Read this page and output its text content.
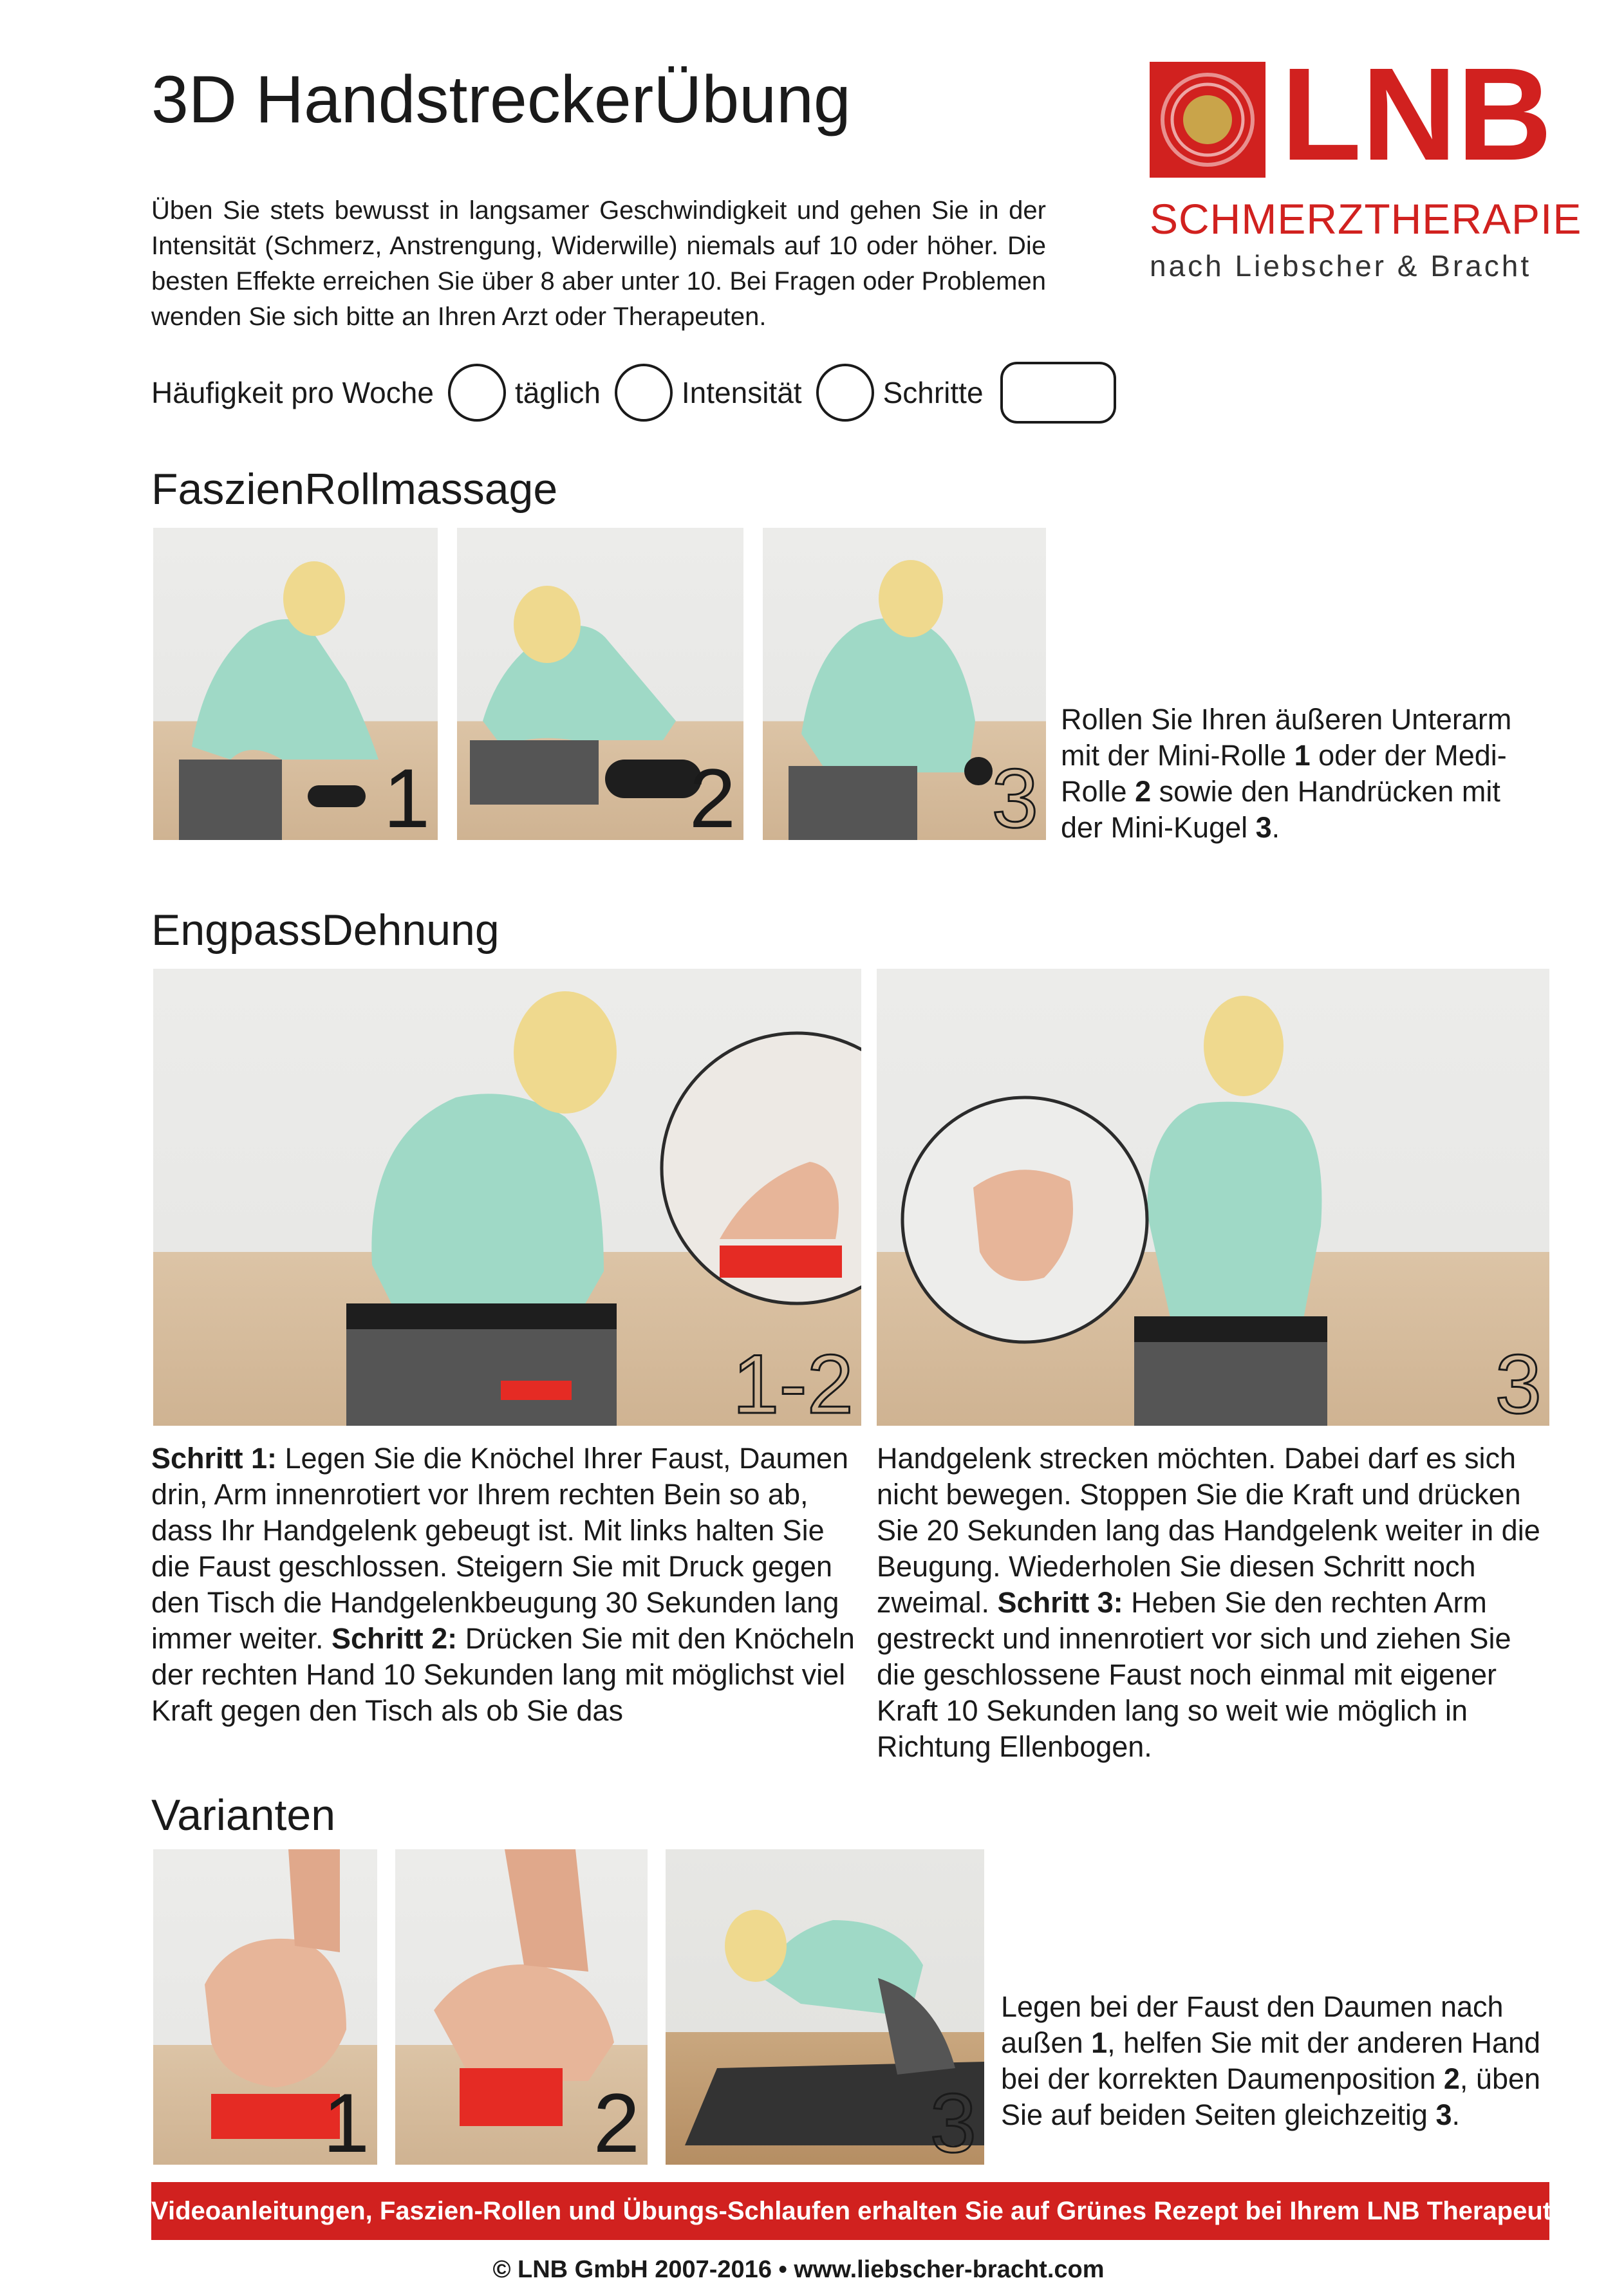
3D HandstreckerÜbung	LNB
SCHMERZTHERAPIE
nach Liebscher & Bracht
Üben Sie stets bewusst in langsamer Geschwindigkeit und gehen Sie in der Intensität (Schmerz, Anstrengung, Widerwille) niemals auf 10 oder höher. Die besten Effekte erreichen Sie über 8 aber unter 10. Bei Fragen oder Problemen wenden Sie sich bitte an Ihren Arzt oder Therapeuten.
Häufigkeit pro Woche	täglich	Intensität	Schritte
FaszienRollmassage
1	2	3
Rollen Sie Ihren äußeren Unterarm mit der Mini-Rolle 1 oder der Medi-Rolle 2 sowie den Handrücken mit der Mini-Kugel 3.
EngpassDehnung
1-2	3
Schritt 1: Legen Sie die Knöchel Ihrer Faust, Daumen drin, Arm innenrotiert vor Ihrem rechten Bein so ab, dass Ihr Handgelenk gebeugt ist. Mit links halten Sie die Faust geschlossen. Steigern Sie mit Druck gegen den Tisch die Handgelenkbeugung 30 Sekunden lang immer weiter. Schritt 2: Drücken Sie mit den Knöcheln der rechten Hand 10 Sekunden lang mit möglichst viel Kraft gegen den Tisch als ob Sie das
Handgelenk strecken möchten. Dabei darf es sich nicht bewegen. Stoppen Sie die Kraft und drücken Sie 20 Sekunden lang das Handgelenk weiter in die Beugung. Wiederholen Sie diesen Schritt noch zweimal. Schritt 3: Heben Sie den rechten Arm gestreckt und innenrotiert vor sich und ziehen Sie die geschlossene Faust noch einmal mit eigener Kraft 10 Sekunden lang so weit wie möglich in Richtung Ellenbogen.
Varianten
1	2	3
Legen bei der Faust den Daumen nach außen 1, helfen Sie mit der anderen Hand bei der korrekten Daumenposition 2, üben Sie auf beiden Seiten gleichzeitig 3.
Videoanleitungen, Faszien-Rollen und Übungs-Schlaufen erhalten Sie auf Grünes Rezept bei Ihrem LNB Therapeuten
© LNB GmbH 2007-2016 • www.liebscher-bracht.com
